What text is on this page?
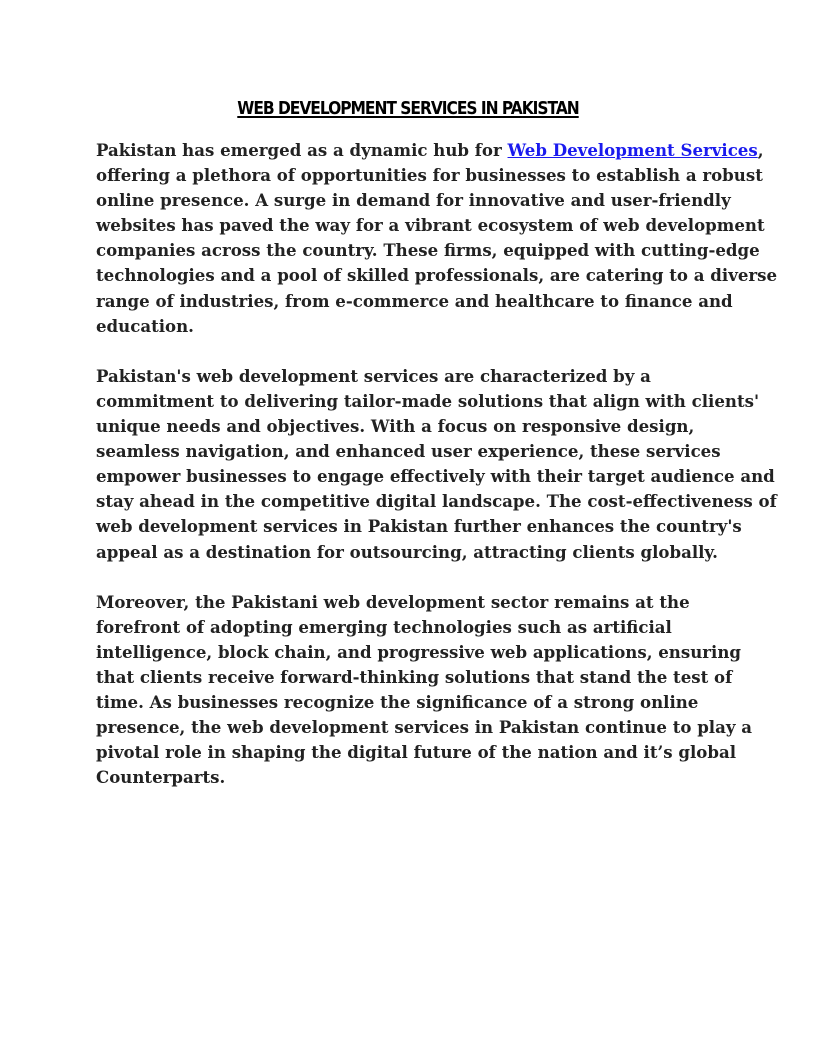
WEB DEVELOPMENT SERVICES IN PAKISTAN

Pakistan has emerged as a dynamic hub for Web Development Services,
offering a plethora of opportunities for businesses to establish a robust
online presence. A surge in demand for innovative and user-friendly
websites has paved the way for a vibrant ecosystem of web development
companies across the country. These firms, equipped with cutting-edge
technologies and a pool of skilled professionals, are catering to a diverse
range of industries, from e-commerce and healthcare to finance and
education.

Pakistan's web development services are characterized by a
commitment to delivering tailor-made solutions that align with clients'
unique needs and objectives. With a focus on responsive design,
seamless navigation, and enhanced user experience, these services
empower businesses to engage effectively with their target audience and
stay ahead in the competitive digital landscape. The cost-effectiveness of
web development services in Pakistan further enhances the country's
appeal as a destination for outsourcing, attracting clients globally.

Moreover, the Pakistani web development sector remains at the
forefront of adopting emerging technologies such as artificial
intelligence, block chain, and progressive web applications, ensuring
that clients receive forward-thinking solutions that stand the test of
time. As businesses recognize the significance of a strong online
presence, the web development services in Pakistan continue to play a
pivotal role in shaping the digital future of the nation and it’s global
Counterparts.
